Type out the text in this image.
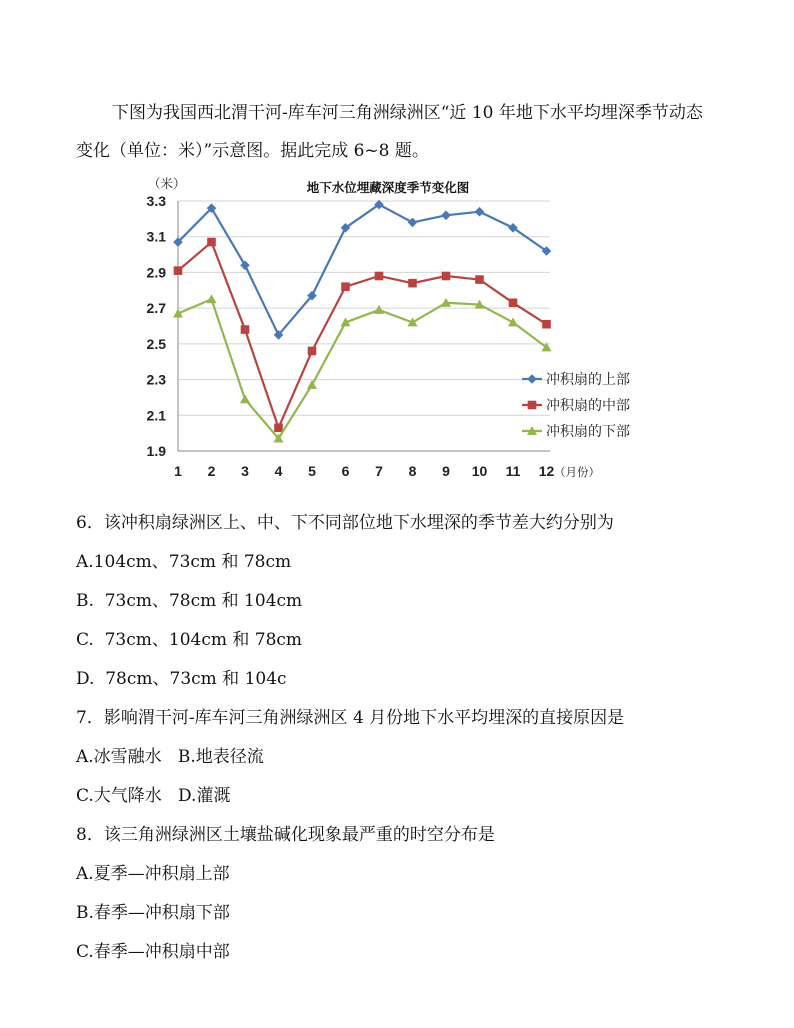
下图为我国西北渭干河-库车河三角洲绿洲区“近 10 年地下水平均埋深季节动态变化（单位：米）”示意图。据此完成 6~8 题。

1.9
2.1
2.3
2.5
2.7
2.9
3.1
3.3
1 2 3 4 5 6 7 8 9 10 11 12
地下水位埋藏深度季节变化图
（米）
（月份）
冲积扇的上部
冲积扇的中部
冲积扇的下部

6．该冲积扇绿洲区上、中、下不同部位地下水埋深的季节差大约分别为

A.104cm、73cm 和 78cm

B.  73cm、78cm 和 104cm

C.  73cm、104cm 和 78cm

D.  78cm、73cm 和 104c

7．影响渭干河-库车河三角洲绿洲区 4 月份地下水平均埋深的直接原因是

A.冰雪融水   B.地表径流

C.大气降水   D.灌溉

8．该三角洲绿洲区土壤盐碱化现象最严重的时空分布是

A.夏季—冲积扇上部

B.春季—冲积扇下部

C.春季—冲积扇中部
